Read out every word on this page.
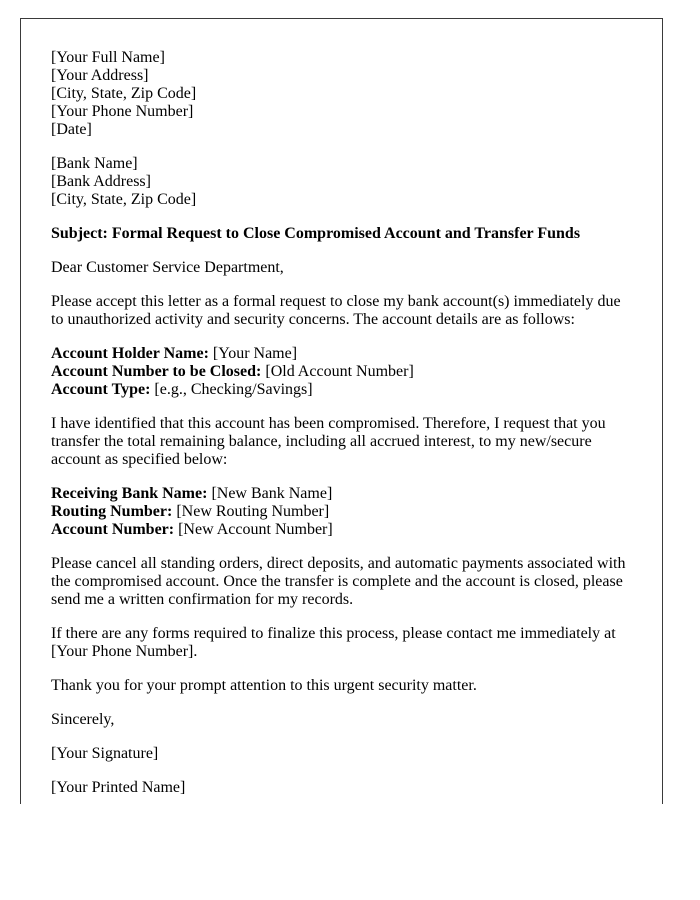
[Your Full Name]
[Your Address]
[City, State, Zip Code]
[Your Phone Number]
[Date]
[Bank Name]
[Bank Address]
[City, State, Zip Code]
Subject: Formal Request to Close Compromised Account and Transfer Funds
Dear Customer Service Department,
Please accept this letter as a formal request to close my bank account(s) immediately due to unauthorized activity and security concerns. The account details are as follows:
Account Holder Name: [Your Name]
Account Number to be Closed: [Old Account Number]
Account Type: [e.g., Checking/Savings]
I have identified that this account has been compromised. Therefore, I request that you transfer the total remaining balance, including all accrued interest, to my new/secure account as specified below:
Receiving Bank Name: [New Bank Name]
Routing Number: [New Routing Number]
Account Number: [New Account Number]
Please cancel all standing orders, direct deposits, and automatic payments associated with the compromised account. Once the transfer is complete and the account is closed, please send me a written confirmation for my records.
If there are any forms required to finalize this process, please contact me immediately at [Your Phone Number].
Thank you for your prompt attention to this urgent security matter.
Sincerely,
[Your Signature]
[Your Printed Name]
